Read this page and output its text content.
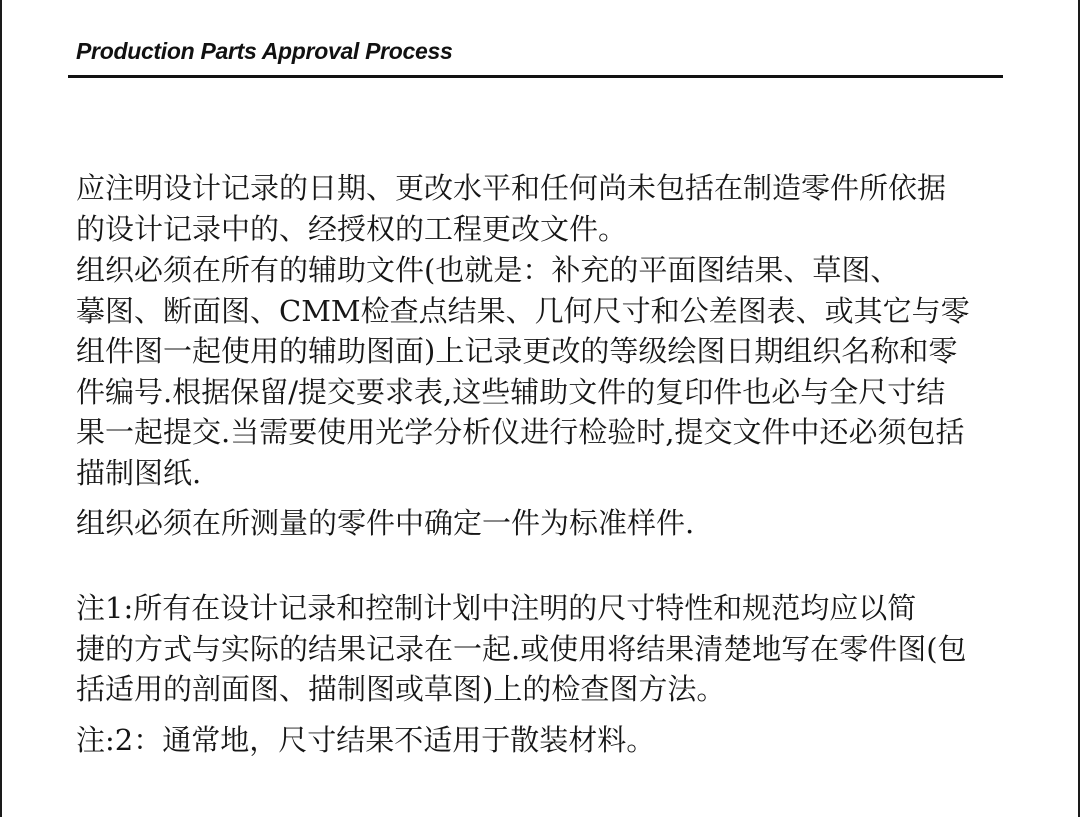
Production Parts Approval Process
应注明设计记录的日期、更改水平和任何尚未包括在制造零件所依据
的设计记录中的、经授权的工程更改文件。
组织必须在所有的辅助文件(也就是：补充的平面图结果、草图、
摹图、断面图、CMM检查点结果、几何尺寸和公差图表、或其它与零
组件图一起使用的辅助图面)上记录更改的等级绘图日期组织名称和零
件编号.根据保留/提交要求表,这些辅助文件的复印件也必与全尺寸结
果一起提交.当需要使用光学分析仪进行检验时,提交文件中还必须包括
描制图纸.
组织必须在所测量的零件中确定一件为标准样件.
注1:所有在设计记录和控制计划中注明的尺寸特性和规范均应以简
捷的方式与实际的结果记录在一起.或使用将结果清楚地写在零件图(包
括适用的剖面图、描制图或草图)上的检查图方法。
注:2：通常地，尺寸结果不适用于散装材料。
